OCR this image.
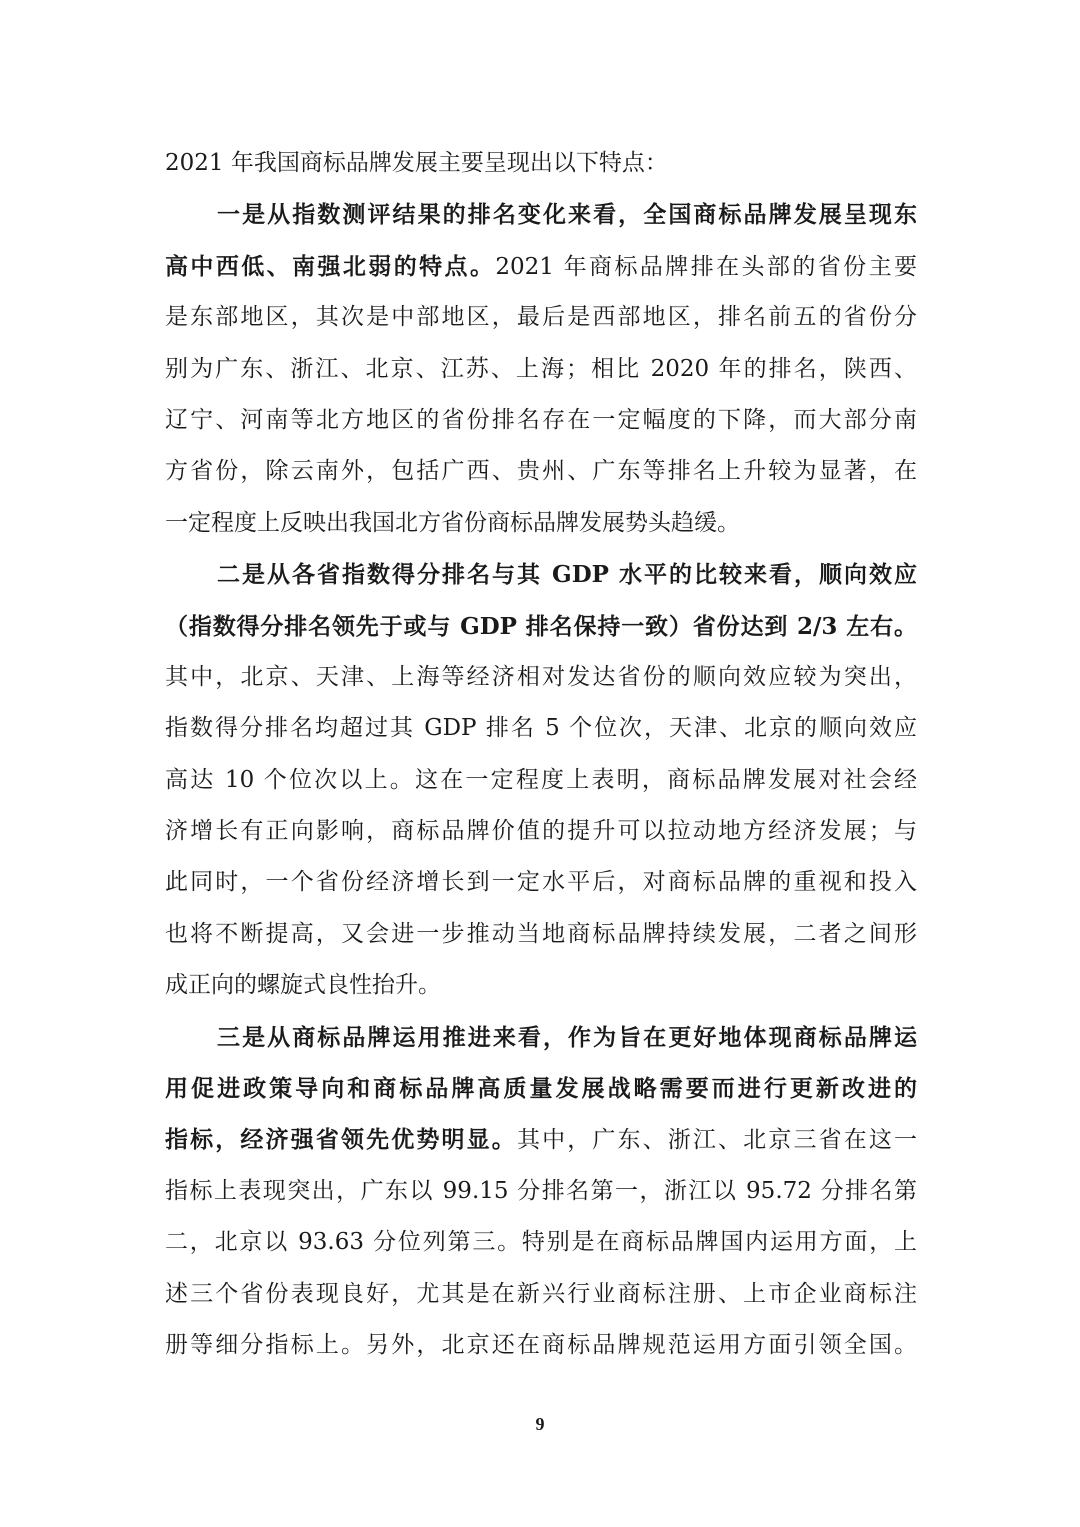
2021 年我国商标品牌发展主要呈现出以下特点：
一是从指数测评结果的排名变化来看，全国商标品牌发展呈现东
高中西低、南强北弱的特点。2021 年商标品牌排在头部的省份主要
是东部地区，其次是中部地区，最后是西部地区，排名前五的省份分
别为广东、浙江、北京、江苏、上海；相比 2020 年的排名，陕西、
辽宁、河南等北方地区的省份排名存在一定幅度的下降，而大部分南
方省份，除云南外，包括广西、贵州、广东等排名上升较为显著，在
一定程度上反映出我国北方省份商标品牌发展势头趋缓。
二是从各省指数得分排名与其 GDP 水平的比较来看，顺向效应
（指数得分排名领先于或与 GDP 排名保持一致）省份达到 2/3 左右。
其中，北京、天津、上海等经济相对发达省份的顺向效应较为突出，
指数得分排名均超过其 GDP 排名 5 个位次，天津、北京的顺向效应
高达 10 个位次以上。这在一定程度上表明，商标品牌发展对社会经
济增长有正向影响，商标品牌价值的提升可以拉动地方经济发展；与
此同时，一个省份经济增长到一定水平后，对商标品牌的重视和投入
也将不断提高，又会进一步推动当地商标品牌持续发展，二者之间形
成正向的螺旋式良性抬升。
三是从商标品牌运用推进来看，作为旨在更好地体现商标品牌运
用促进政策导向和商标品牌高质量发展战略需要而进行更新改进的
指标，经济强省领先优势明显。其中，广东、浙江、北京三省在这一
指标上表现突出，广东以 99.15 分排名第一，浙江以 95.72 分排名第
二，北京以 93.63 分位列第三。特别是在商标品牌国内运用方面，上
述三个省份表现良好，尤其是在新兴行业商标注册、上市企业商标注
册等细分指标上。另外，北京还在商标品牌规范运用方面引领全国。
9
